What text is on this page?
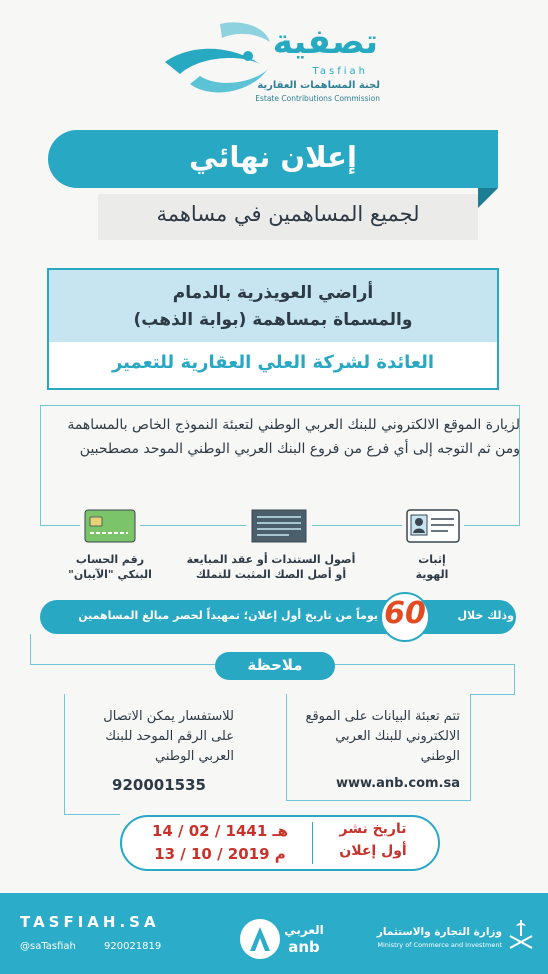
تصفية
Tasfiah
لجنة المساهمات العقارية
Estate Contributions Commission
إعلان نهائي
لجميع المساهمين في مساهمة
أراضي العويذرية بالدمام
والمسماة بمساهمة (بوابة الذهب)
العائدة لشركة العلي العقارية للتعمير
لزيارة الموقع الالكتروني للبنك العربي الوطني لتعبئة النموذج الخاص بالمساهمة ومن ثم التوجه إلى أي فرع من فروع البنك العربي الوطني الموحد مصطحبين
إثبات
الهوية
أصول الستندات أو عقد المبايعة
أو أصل الصك المثبت للتملك
رقم الحساب
البنكي "الآيبان"
وذلك خلال
60
يوماً من تاريخ أول إعلان؛ تمهيداً لحصر مبالغ المساهمين
ملاحظة
تتم تعبئة البيانات على الموقع الالكتروني للبنك العربي الوطني
www.anb.com.sa
للاستفسار يمكن الاتصال على الرقم الموحد للبنك العربي الوطني
920001535
تاريخ نشر
أول إعلان
14 / 02 / 1441 هـ
13 / 10 / 2019 م
TASFIAH.SA
@saTasfiah	920021819
العربي
anb
وزارة التجارة والاستثمار
Ministry of Commerce and Investment
